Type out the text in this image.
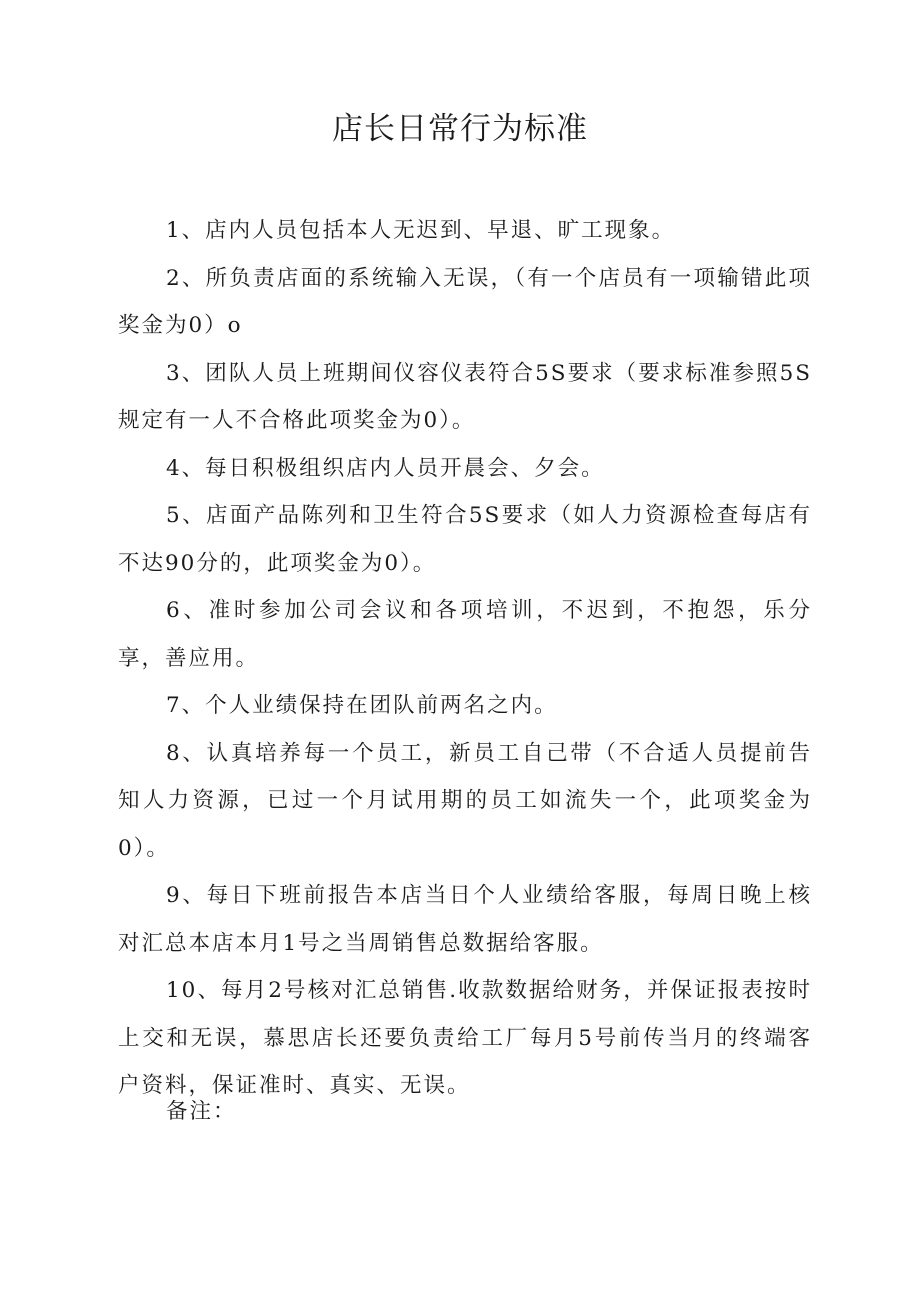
店长日常行为标准

1、店内人员包括本人无迟到、早退、旷工现象。

2、所负责店面的系统输入无误，（有一个店员有一项输错此项奖金为0）o

3、团队人员上班期间仪容仪表符合5S要求（要求标准参照5S规定有一人不合格此项奖金为0）。

4、每日积极组织店内人员开晨会、夕会。

5、店面产品陈列和卫生符合5S要求（如人力资源检查每店有不达90分的，此项奖金为0）。

6、准时参加公司会议和各项培训，不迟到，不抱怨，乐分享，善应用。

7、个人业绩保持在团队前两名之内。

8、认真培养每一个员工，新员工自己带（不合适人员提前告知人力资源，已过一个月试用期的员工如流失一个，此项奖金为0）。

9、每日下班前报告本店当日个人业绩给客服，每周日晚上核对汇总本店本月1号之当周销售总数据给客服。

10、每月2号核对汇总销售.收款数据给财务，并保证报表按时上交和无误，慕思店长还要负责给工厂每月5号前传当月的终端客户资料，保证准时、真实、无误。

备注：
